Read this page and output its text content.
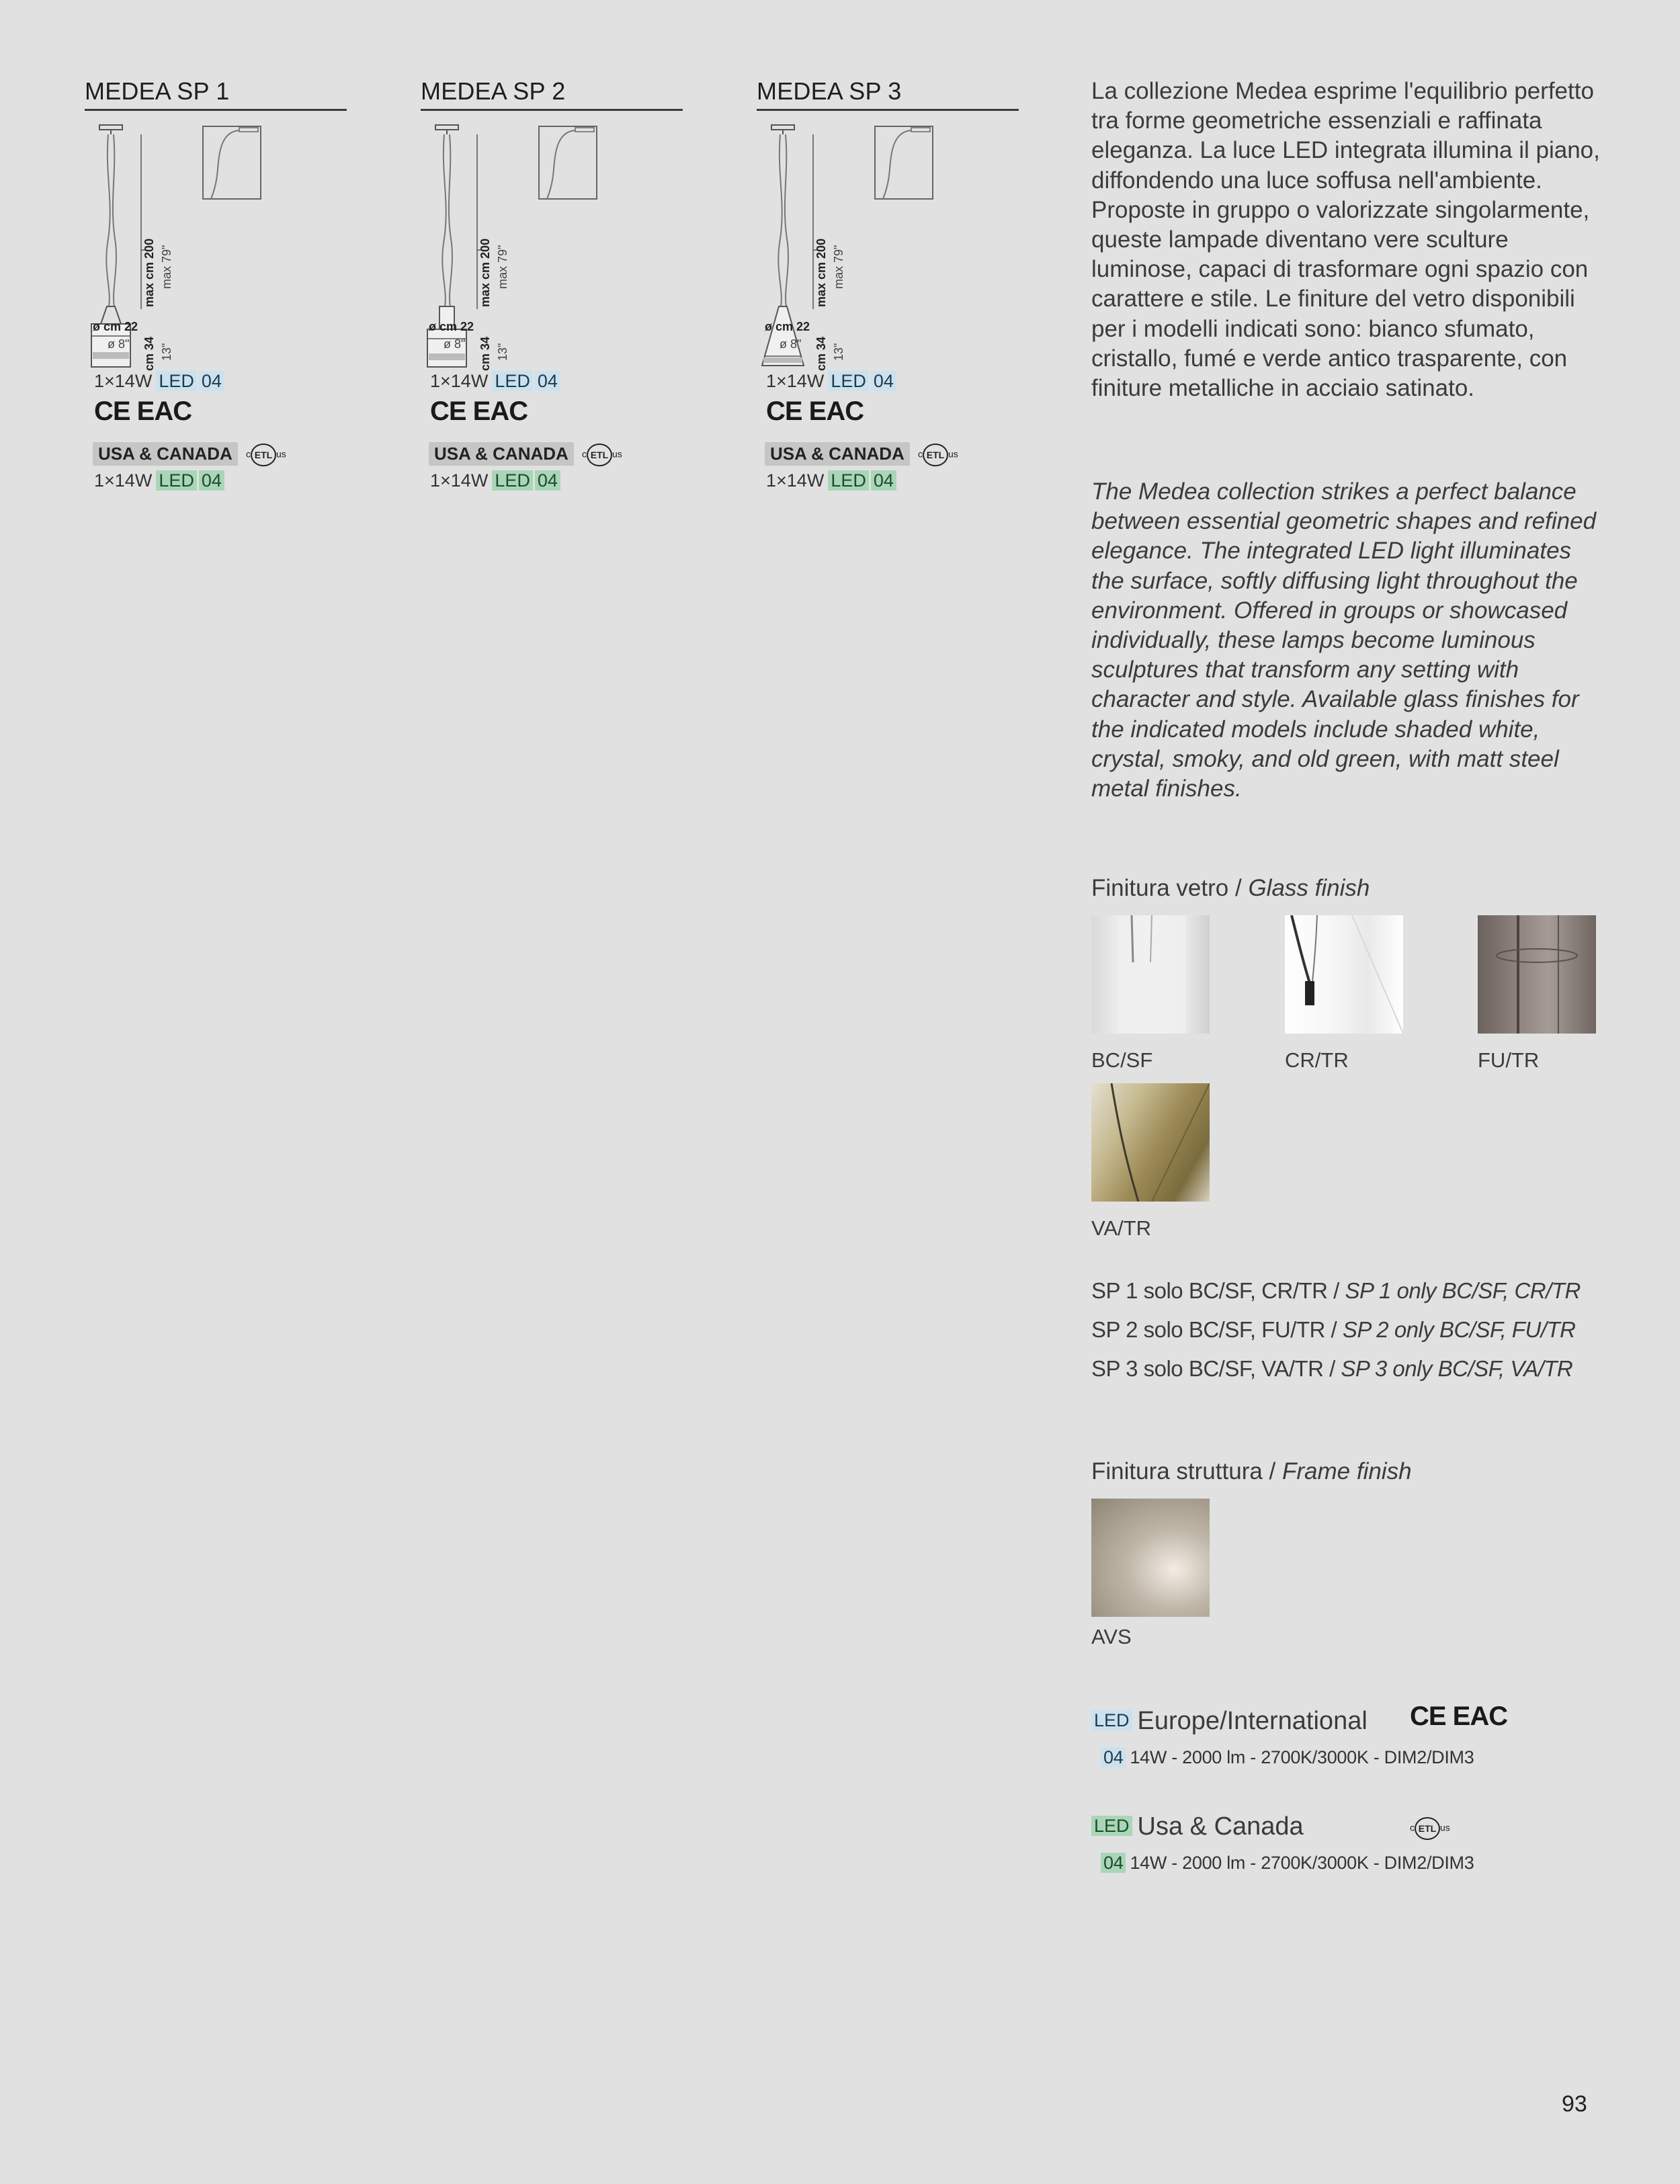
MEDEA SP 1
max cm 200 max 79"
cm 34 13"
ø cm 22
ø 8"
1×14W LED 04
CE EAC
USA & CANADA	c ETL us
1×14W LED 04
MEDEA SP 2
max cm 200 max 79"
cm 34 13"
ø cm 22
ø 8"
1×14W LED 04
CE EAC
USA & CANADA	c ETL us
1×14W LED 04
MEDEA SP 3
max cm 200 max 79"
cm 34 13"
ø cm 22
ø 8"
1×14W LED 04
CE EAC
USA & CANADA	c ETL us
1×14W LED 04
La collezione Medea esprime l'equilibrio perfetto tra forme geometriche essenziali e raffinata eleganza. La luce LED integrata illumina il piano, diffondendo una luce soffusa nell'ambiente. Proposte in gruppo o valorizzate singolarmente, queste lampade diventano vere sculture luminose, capaci di trasformare ogni spazio con carattere e stile. Le finiture del vetro disponibili per i modelli indicati sono: bianco sfumato, cristallo, fumé e verde antico trasparente, con finiture metalliche in acciaio satinato.
The Medea collection strikes a perfect balance between essential geometric shapes and refined elegance. The integrated LED light illuminates the surface, softly diffusing light throughout the environment. Offered in groups or showcased individually, these lamps become luminous sculptures that transform any setting with character and style. Available glass finishes for the indicated models include shaded white, crystal, smoky, and old green, with matt steel metal finishes.
Finitura vetro / Glass finish
BC/SF	CR/TR	FU/TR
VA/TR
SP 1 solo BC/SF, CR/TR / SP 1 only BC/SF, CR/TR
SP 2 solo BC/SF, FU/TR / SP 2 only BC/SF, FU/TR
SP 3 solo BC/SF, VA/TR / SP 3 only BC/SF, VA/TR
Finitura struttura / Frame finish
AVS
LED Europe/International CE EAC
04 14W - 2000 lm - 2700K/3000K - DIM2/DIM3
LED Usa & Canada	c ETL us
04 14W - 2000 lm - 2700K/3000K - DIM2/DIM3
93
